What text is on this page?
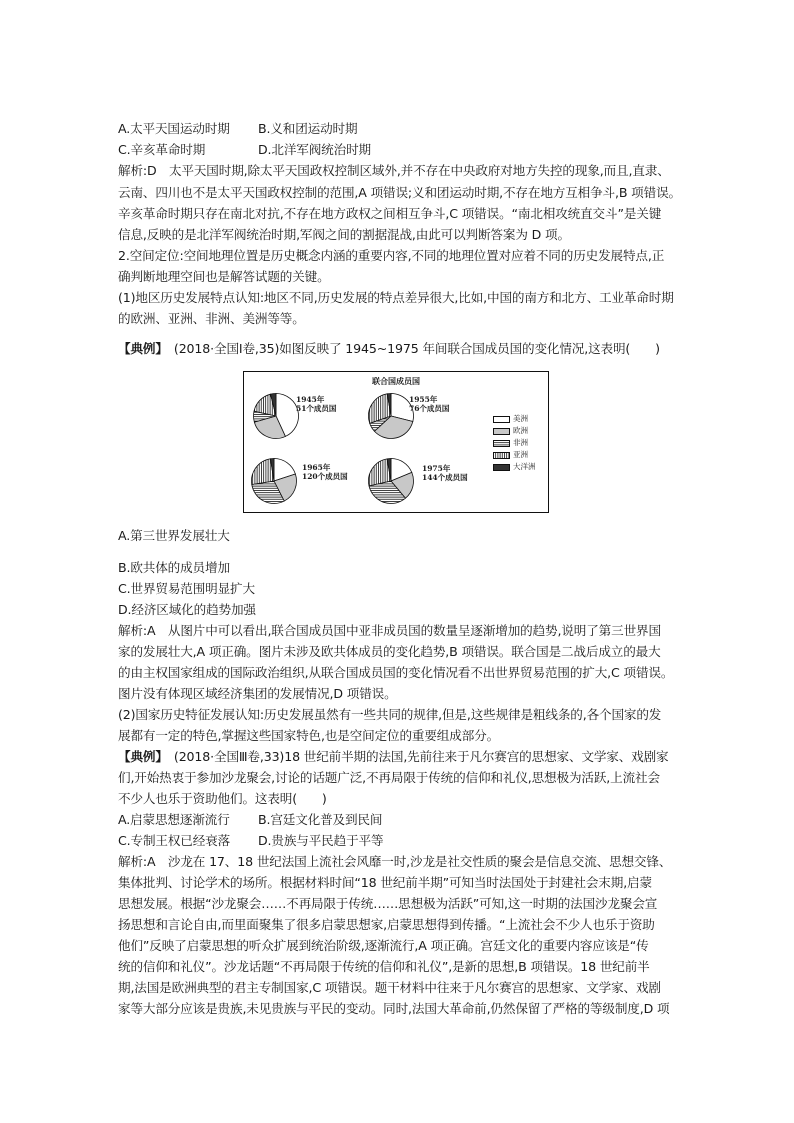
A.太平天国运动时期 B.义和团运动时期
C.辛亥革命时期	D.北洋军阀统治时期
解析:D　太平天国时期,除太平天国政权控制区域外,并不存在中央政府对地方失控的现象,而且,直隶、
云南、四川也不是太平天国政权控制的范围,A 项错误;义和团运动时期,不存在地方互相争斗,B 项错误。
辛亥革命时期只存在南北对抗,不存在地方政权之间相互争斗,C 项错误。“南北相攻统直交斗”是关键
信息,反映的是北洋军阀统治时期,军阀之间的割据混战,由此可以判断答案为 D 项。
2.空间定位:空间地理位置是历史概念内涵的重要内容,不同的地理位置对应着不同的历史发展特点,正
确判断地理空间也是解答试题的关键。
(1)地区历史发展特点认知:地区不同,历史发展的特点差异很大,比如,中国的南方和北方、工业革命时期
的欧洲、亚洲、非洲、美洲等等。
【典例】　(2018·全国Ⅰ卷,35)如图反映了 1945~1975 年间联合国成员国的变化情况,这表明(　　)
联合国成员国
1945年
51个成员国
1955年
76个成员国
1965年
120个成员国
1975年
144个成员国
美洲
欧洲
非洲
亚洲
大洋洲
A.第三世界发展壮大
B.欧共体的成员增加
C.世界贸易范围明显扩大
D.经济区域化的趋势加强
解析:A　从图片中可以看出,联合国成员国中亚非成员国的数量呈逐渐增加的趋势,说明了第三世界国
家的发展壮大,A 项正确。图片未涉及欧共体成员的变化趋势,B 项错误。联合国是二战后成立的最大
的由主权国家组成的国际政治组织,从联合国成员国的变化情况看不出世界贸易范围的扩大,C 项错误。
图片没有体现区域经济集团的发展情况,D 项错误。
(2)国家历史特征发展认知:历史发展虽然有一些共同的规律,但是,这些规律是粗线条的,各个国家的发
展都有一定的特色,掌握这些国家特色,也是空间定位的重要组成部分。
【典例】　(2018·全国Ⅲ卷,33)18 世纪前半期的法国,先前往来于凡尔赛宫的思想家、文学家、戏剧家
们,开始热衷于参加沙龙聚会,讨论的话题广泛,不再局限于传统的信仰和礼仪,思想极为活跃,上流社会
不少人也乐于资助他们。这表明(　　)
A.启蒙思想逐渐流行 B.宫廷文化普及到民间
C.专制王权已经衰落 D.贵族与平民趋于平等
解析:A　沙龙在 17、18 世纪法国上流社会风靡一时,沙龙是社交性质的聚会是信息交流、思想交锋、
集体批判、讨论学术的场所。根据材料时间“18 世纪前半期”可知当时法国处于封建社会末期,启蒙
思想发展。根据“沙龙聚会……不再局限于传统……思想极为活跃”可知,这一时期的法国沙龙聚会宣
扬思想和言论自由,而里面聚集了很多启蒙思想家,启蒙思想得到传播。“上流社会不少人也乐于资助
他们”反映了启蒙思想的听众扩展到统治阶级,逐渐流行,A 项正确。宫廷文化的重要内容应该是“传
统的信仰和礼仪”。沙龙话题“不再局限于传统的信仰和礼仪”,是新的思想,B 项错误。18 世纪前半
期,法国是欧洲典型的君主专制国家,C 项错误。题干材料中往来于凡尔赛宫的思想家、文学家、戏剧
家等大部分应该是贵族,未见贵族与平民的变动。同时,法国大革命前,仍然保留了严格的等级制度,D 项
